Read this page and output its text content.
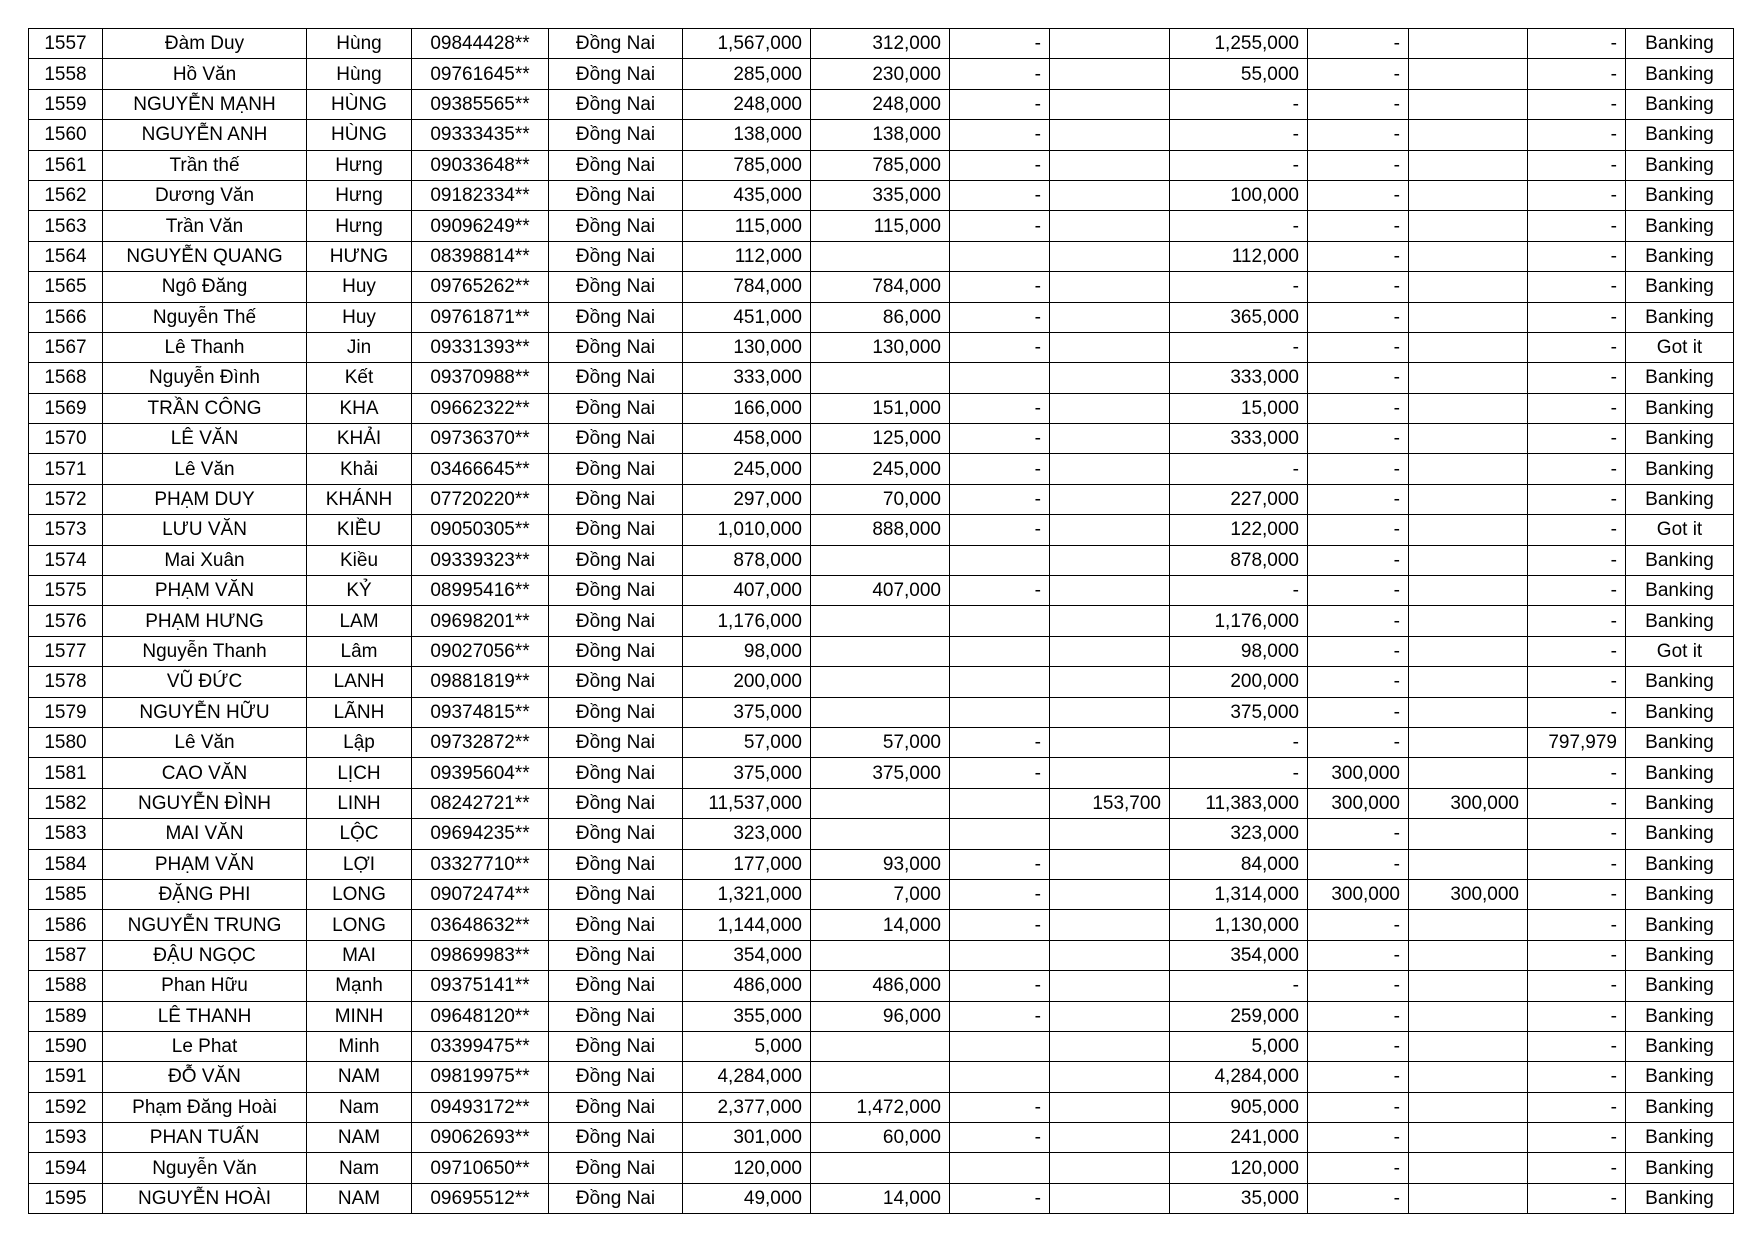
1557	Đàm Duy	Hùng	09844428**	Đồng Nai	1,567,000	312,000	-		1,255,000	-		-	Banking
1558	Hồ Văn	Hùng	09761645**	Đồng Nai	285,000	230,000	-		55,000	-		-	Banking
1559	NGUYỄN MẠNH	HÙNG	09385565**	Đồng Nai	248,000	248,000	-		-	-		-	Banking
1560	NGUYỄN ANH	HÙNG	09333435**	Đồng Nai	138,000	138,000	-		-	-		-	Banking
1561	Trần thế	Hưng	09033648**	Đồng Nai	785,000	785,000	-		-	-		-	Banking
1562	Dương Văn	Hưng	09182334**	Đồng Nai	435,000	335,000	-		100,000	-		-	Banking
1563	Trần Văn	Hưng	09096249**	Đồng Nai	115,000	115,000	-		-	-		-	Banking
1564	NGUYỄN QUANG	HƯNG	08398814**	Đồng Nai	112,000				112,000	-		-	Banking
1565	Ngô Đăng	Huy	09765262**	Đồng Nai	784,000	784,000	-		-	-		-	Banking
1566	Nguyễn Thế	Huy	09761871**	Đồng Nai	451,000	86,000	-		365,000	-		-	Banking
1567	Lê Thanh	Jin	09331393**	Đồng Nai	130,000	130,000	-		-	-		-	Got it
1568	Nguyễn Đình	Kết	09370988**	Đồng Nai	333,000				333,000	-		-	Banking
1569	TRẦN CÔNG	KHA	09662322**	Đồng Nai	166,000	151,000	-		15,000	-		-	Banking
1570	LÊ VĂN	KHẢI	09736370**	Đồng Nai	458,000	125,000	-		333,000	-		-	Banking
1571	Lê Văn	Khải	03466645**	Đồng Nai	245,000	245,000	-		-	-		-	Banking
1572	PHẠM DUY	KHÁNH	07720220**	Đồng Nai	297,000	70,000	-		227,000	-		-	Banking
1573	LƯU VĂN	KIỀU	09050305**	Đồng Nai	1,010,000	888,000	-		122,000	-		-	Got it
1574	Mai Xuân	Kiều	09339323**	Đồng Nai	878,000				878,000	-		-	Banking
1575	PHẠM VĂN	KỶ	08995416**	Đồng Nai	407,000	407,000	-		-	-		-	Banking
1576	PHẠM HƯNG	LAM	09698201**	Đồng Nai	1,176,000				1,176,000	-		-	Banking
1577	Nguyễn Thanh	Lâm	09027056**	Đồng Nai	98,000				98,000	-		-	Got it
1578	VŨ ĐỨC	LANH	09881819**	Đồng Nai	200,000				200,000	-		-	Banking
1579	NGUYỄN HỮU	LÃNH	09374815**	Đồng Nai	375,000				375,000	-		-	Banking
1580	Lê Văn	Lập	09732872**	Đồng Nai	57,000	57,000	-		-	-		797,979	Banking
1581	CAO VĂN	LỊCH	09395604**	Đồng Nai	375,000	375,000	-		-	300,000		-	Banking
1582	NGUYỄN ĐÌNH	LINH	08242721**	Đồng Nai	11,537,000			153,700	11,383,000	300,000	300,000	-	Banking
1583	MAI VĂN	LỘC	09694235**	Đồng Nai	323,000				323,000	-		-	Banking
1584	PHẠM VĂN	LỢI	03327710**	Đồng Nai	177,000	93,000	-		84,000	-		-	Banking
1585	ĐẶNG PHI	LONG	09072474**	Đồng Nai	1,321,000	7,000	-		1,314,000	300,000	300,000	-	Banking
1586	NGUYỄN TRUNG	LONG	03648632**	Đồng Nai	1,144,000	14,000	-		1,130,000	-		-	Banking
1587	ĐẬU NGỌC	MAI	09869983**	Đồng Nai	354,000				354,000	-		-	Banking
1588	Phan Hữu	Mạnh	09375141**	Đồng Nai	486,000	486,000	-		-	-		-	Banking
1589	LÊ THANH	MINH	09648120**	Đồng Nai	355,000	96,000	-		259,000	-		-	Banking
1590	Le Phat	Minh	03399475**	Đồng Nai	5,000				5,000	-		-	Banking
1591	ĐỖ VĂN	NAM	09819975**	Đồng Nai	4,284,000				4,284,000	-		-	Banking
1592	Phạm Đăng Hoài	Nam	09493172**	Đồng Nai	2,377,000	1,472,000	-		905,000	-		-	Banking
1593	PHAN TUẤN	NAM	09062693**	Đồng Nai	301,000	60,000	-		241,000	-		-	Banking
1594	Nguyễn Văn	Nam	09710650**	Đồng Nai	120,000				120,000	-		-	Banking
1595	NGUYỄN HOÀI	NAM	09695512**	Đồng Nai	49,000	14,000	-		35,000	-		-	Banking
